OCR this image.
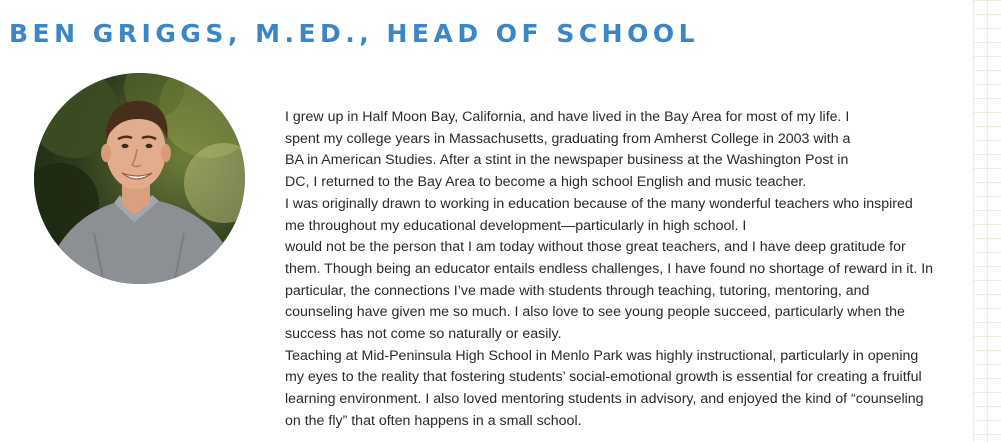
BEN GRIGGS, M.ED., HEAD OF SCHOOL
I grew up in Half Moon Bay, California, and have lived in the Bay Area for most of my life. I
spent my college years in Massachusetts, graduating from Amherst College in 2003 with a
BA in American Studies. After a stint in the newspaper business at the Washington Post in
DC, I returned to the Bay Area to become a high school English and music teacher.
I was originally drawn to working in education because of the many wonderful teachers who inspired
me throughout my educational development—particularly in high school. I
would not be the person that I am today without those great teachers, and I have deep gratitude for
them. Though being an educator entails endless challenges, I have found no shortage of reward in it. In
particular, the connections I’ve made with students through teaching, tutoring, mentoring, and
counseling have given me so much. I also love to see young people succeed, particularly when the
success has not come so naturally or easily.
Teaching at Mid-Peninsula High School in Menlo Park was highly instructional, particularly in opening
my eyes to the reality that fostering students’ social-emotional growth is essential for creating a fruitful
learning environment. I also loved mentoring students in advisory, and enjoyed the kind of “counseling
on the fly” that often happens in a small school.
